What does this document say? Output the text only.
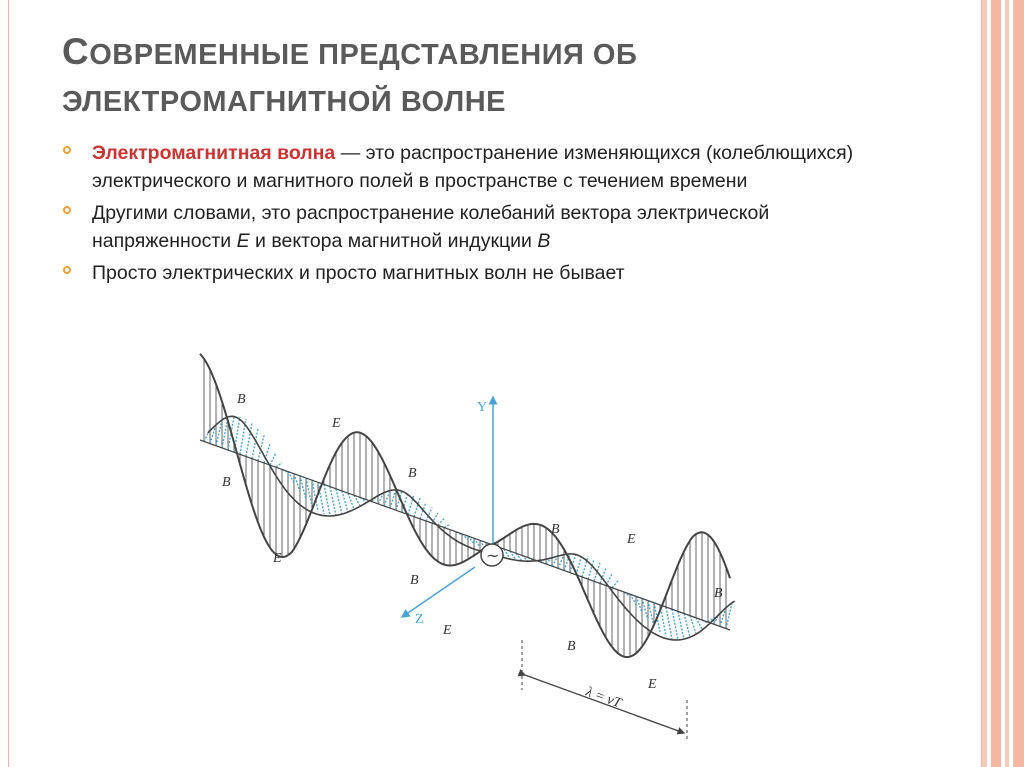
СОВРЕМЕННЫЕ ПРЕДСТАВЛЕНИЯ ОБ
ЭЛЕКТРОМАГНИТНОЙ ВОЛНЕ
Электромагнитная волна — это распространение изменяющихся (колеблющихся) электрического и магнитного полей в пространстве с течением времени
Другими словами, это распространение колебаний вектора электрической напряженности E и вектора магнитной индукции B
Просто электрических и просто магнитных волн не бывает
Y
Z
~
E
E
E
E
E
B
B
B
B
B
B
B
λ = vT
